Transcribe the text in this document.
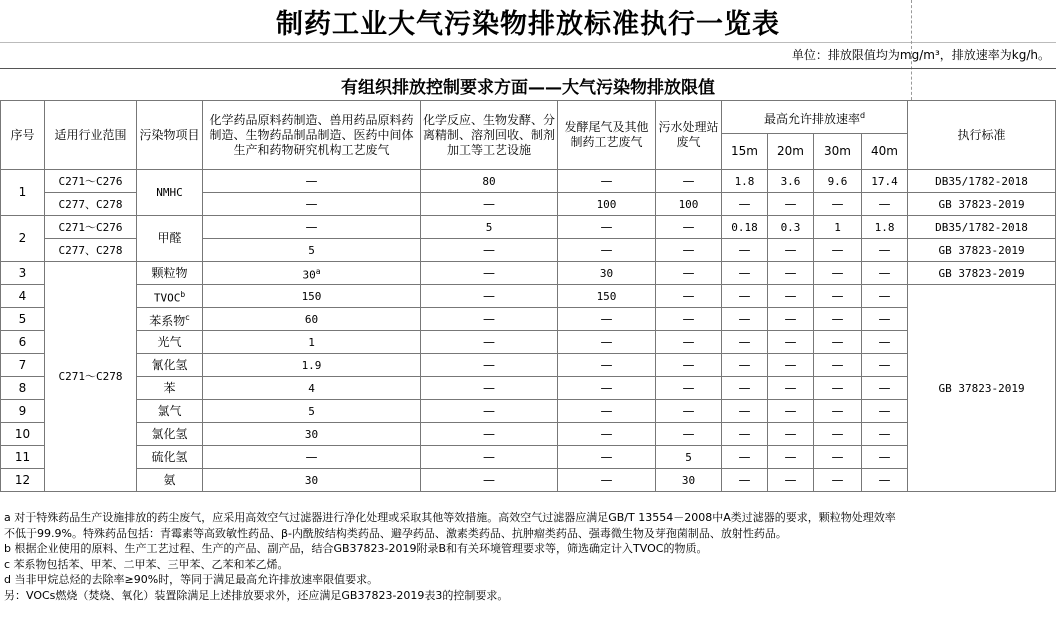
制药工业大气污染物排放标准执行一览表
单位：排放限值均为mg/m³，排放速率为kg/h。
有组织排放控制要求方面——大气污染物排放限值
序号	适用行业范围	污染物项目	化学药品原料药制造、兽用药品原料药制造、生物药品制品制造、医药中间体生产和药物研究机构工艺废气	化学反应、生物发酵、分离精制、溶剂回收、制剂加工等工艺设施	发酵尾气及其他制药工艺废气	污水处理站废气	最高允许排放速率$^d$				执行标准	
							15m	20m	30m	40m		
1	C271～C276	NMHC	—	80	—	—	1.8	3.6	9.6	17.4	DB35/1782-2018	
	C277、C278		—	—	100	100	—	—	—	—	GB 37823-2019	
2	C271～C276	甲醛	—	5	—	—	0.18	0.3	1	1.8	DB35/1782-2018	
	C277、C278		5	—	—	—	—	—	—	—	GB 37823-2019	
3	C271～C278	颗粒物	30$^a$	—	30	—	—	—	—	—	GB 37823-2019	
4		TVOC$^b$	150	—	150	—	—	—	—	—	GB 37823-2019	
5		苯系物$^c$	60	—	—	—	—	—	—	—		
6		光气	1	—	—	—	—	—	—	—		
7		氰化氢	1.9	—	—	—	—	—	—	—		
8		苯	4	—	—	—	—	—	—	—		
9		氯气	5	—	—	—	—	—	—	—		
10		氯化氢	30	—	—	—	—	—	—	—		
11		硫化氢	—	—	—	5	—	—	—	—		
12		氨	30	—	—	30	—	—	—	—		
a 对于特殊药品生产设施排放的药尘废气，应采用高效空气过滤器进行净化处理或采取其他等效措施。高效空气过滤器应满足GB/T 13554－2008中A类过滤器的要求，颗粒物处理效率
不低于99.9%。特殊药品包括：青霉素等高致敏性药品、β-内酰胺结构类药品、避孕药品、激素类药品、抗肿瘤类药品、强毒微生物及芽孢菌制品、放射性药品。
b 根据企业使用的原料、生产工艺过程、生产的产品、副产品，结合GB37823-2019附录B和有关环境管理要求等，筛选确定计入TVOC的物质。
c 苯系物包括苯、甲苯、二甲苯、三甲苯、乙苯和苯乙烯。
d 当非甲烷总烃的去除率≥90%时，等同于满足最高允许排放速率限值要求。
另：VOCs燃烧（焚烧、氧化）装置除满足上述排放要求外，还应满足GB37823-2019表3的控制要求。
